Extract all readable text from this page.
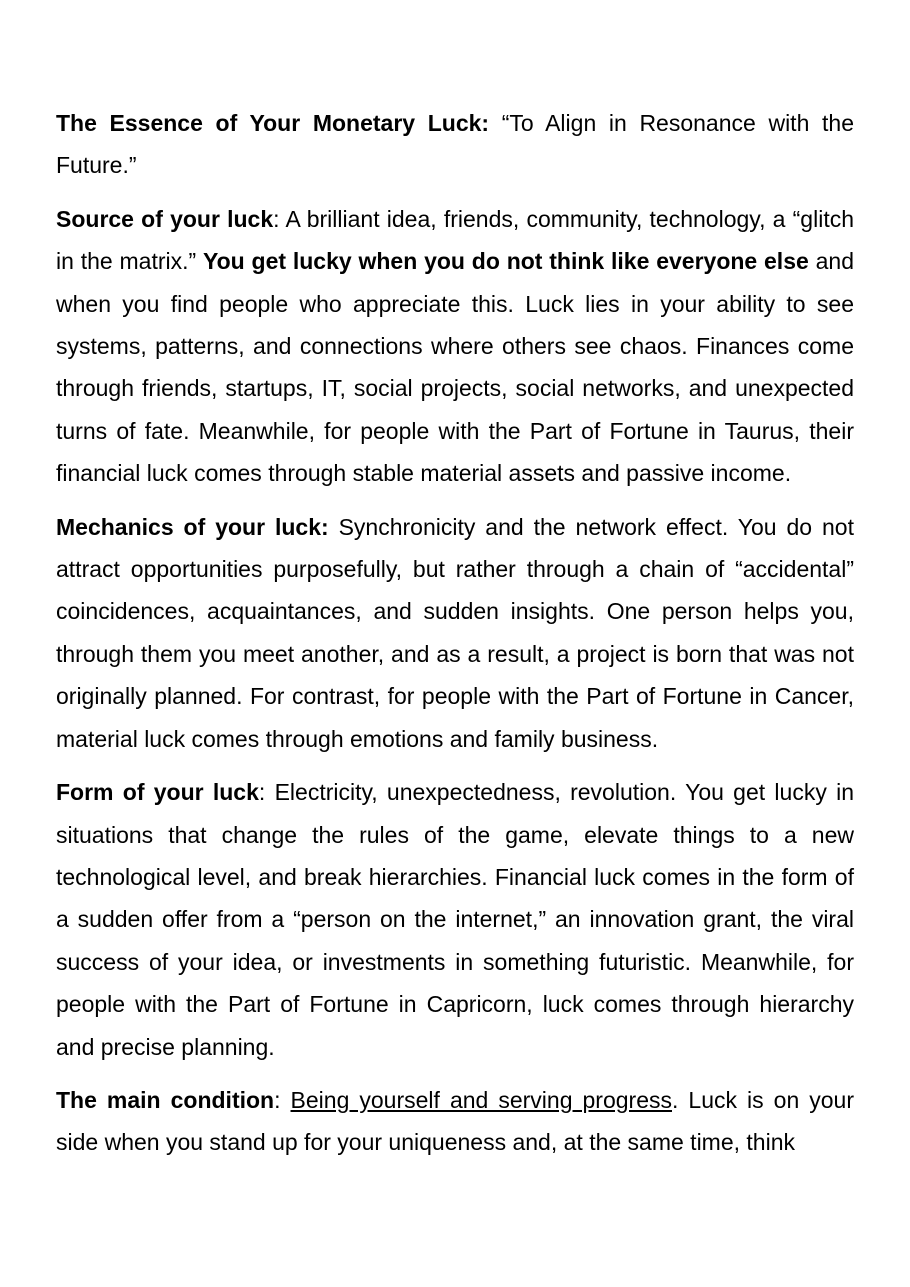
The Essence of Your Monetary Luck: “To Align in Resonance with the Future.”

Source of your luck: A brilliant idea, friends, community, technology, a “glitch in the matrix.” You get lucky when you do not think like everyone else and when you find people who appreciate this. Luck lies in your ability to see systems, patterns, and connections where others see chaos. Finances come through friends, startups, IT, social projects, social networks, and unexpected turns of fate. Meanwhile, for people with the Part of Fortune in Taurus, their financial luck comes through stable material assets and passive income.

Mechanics of your luck: Synchronicity and the network effect. You do not attract opportunities purposefully, but rather through a chain of “accidental” coincidences, acquaintances, and sudden insights. One person helps you, through them you meet another, and as a result, a project is born that was not originally planned. For contrast, for people with the Part of Fortune in Cancer, material luck comes through emotions and family business.

Form of your luck: Electricity, unexpectedness, revolution. You get lucky in situations that change the rules of the game, elevate things to a new technological level, and break hierarchies. Financial luck comes in the form of a sudden offer from a “person on the internet,” an innovation grant, the viral success of your idea, or investments in something futuristic. Meanwhile, for people with the Part of Fortune in Capricorn, luck comes through hierarchy and precise planning.

The main condition: Being yourself and serving progress. Luck is on your side when you stand up for your uniqueness and, at the same time, think
